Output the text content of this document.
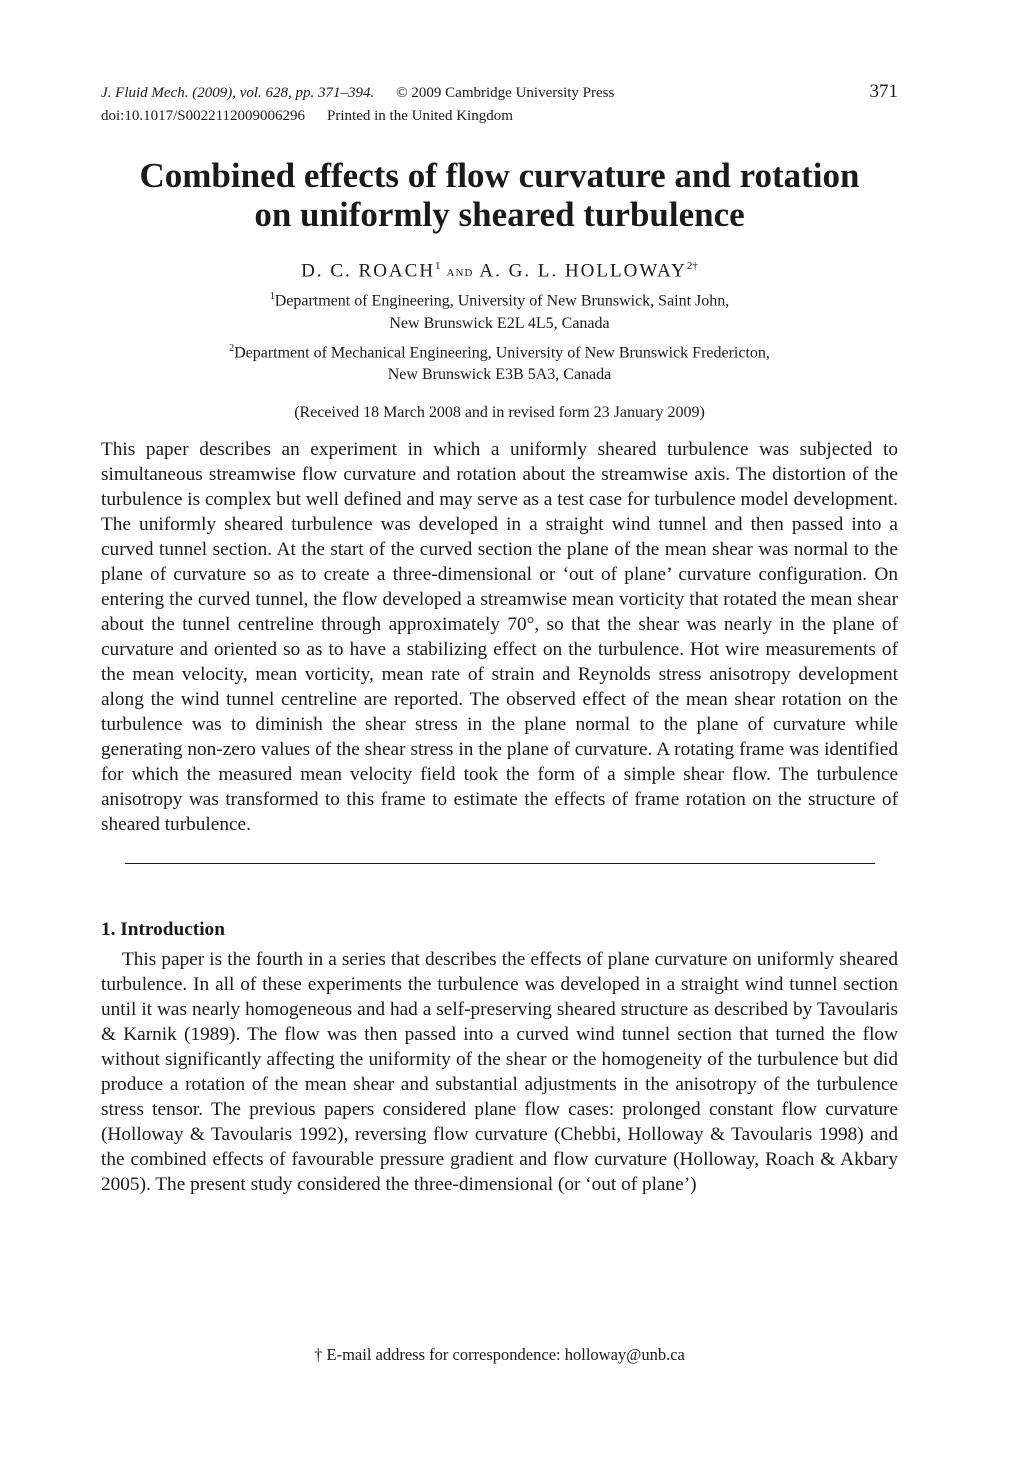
J. Fluid Mech. (2009), vol. 628, pp. 371–394. © 2009 Cambridge University Press
doi:10.1017/S0022112009006296 Printed in the United Kingdom
371
Combined effects of flow curvature and rotation
on uniformly sheared turbulence
D. C. ROACH$^1$ and A. G. L. $HOLLOWAY^{2\dagger}$
$^1$Department of Engineering, University of New Brunswick, Saint John,
New Brunswick E2L 4L5, Canada
$^2$Department of Mechanical Engineering, University of New Brunswick Fredericton,
New Brunswick E3B 5A3, Canada
(Received 18 March 2008 and in revised form 23 January 2009)

This paper describes an experiment in which a uniformly sheared turbulence was subjected to simultaneous streamwise flow curvature and rotation about the streamwise axis. The distortion of the turbulence is complex but well defined and may serve as a test case for turbulence model development. The uniformly sheared turbulence was developed in a straight wind tunnel and then passed into a curved tunnel section. At the start of the curved section the plane of the mean shear was normal to the plane of curvature so as to create a three-dimensional or ‘out of plane’ curvature configuration. On entering the curved tunnel, the flow developed a streamwise mean vorticity that rotated the mean shear about the tunnel centreline through approximately 70°, so that the shear was nearly in the plane of curvature and oriented so as to have a stabilizing effect on the turbulence. Hot wire measurements of the mean velocity, mean vorticity, mean rate of strain and Reynolds stress anisotropy development along the wind tunnel centreline are reported. The observed effect of the mean shear rotation on the turbulence was to diminish the shear stress in the plane normal to the plane of curvature while generating non-zero values of the shear stress in the plane of curvature. A rotating frame was identified for which the measured mean velocity field took the form of a simple shear flow. The turbulence anisotropy was transformed to this frame to estimate the effects of frame rotation on the structure of sheared turbulence.

1. Introduction

This paper is the fourth in a series that describes the effects of plane curvature on uniformly sheared turbulence. In all of these experiments the turbulence was developed in a straight wind tunnel section until it was nearly homogeneous and had a self-preserving sheared structure as described by Tavoularis & Karnik (1989). The flow was then passed into a curved wind tunnel section that turned the flow without significantly affecting the uniformity of the shear or the homogeneity of the turbulence but did produce a rotation of the mean shear and substantial adjustments in the anisotropy of the turbulence stress tensor. The previous papers considered plane flow cases: prolonged constant flow curvature (Holloway & Tavoularis 1992), reversing flow curvature (Chebbi, Holloway & Tavoularis 1998) and the combined effects of favourable pressure gradient and flow curvature (Holloway, Roach & Akbary 2005). The present study considered the three-dimensional (or ‘out of plane’)

† E-mail address for correspondence: holloway@unb.ca
